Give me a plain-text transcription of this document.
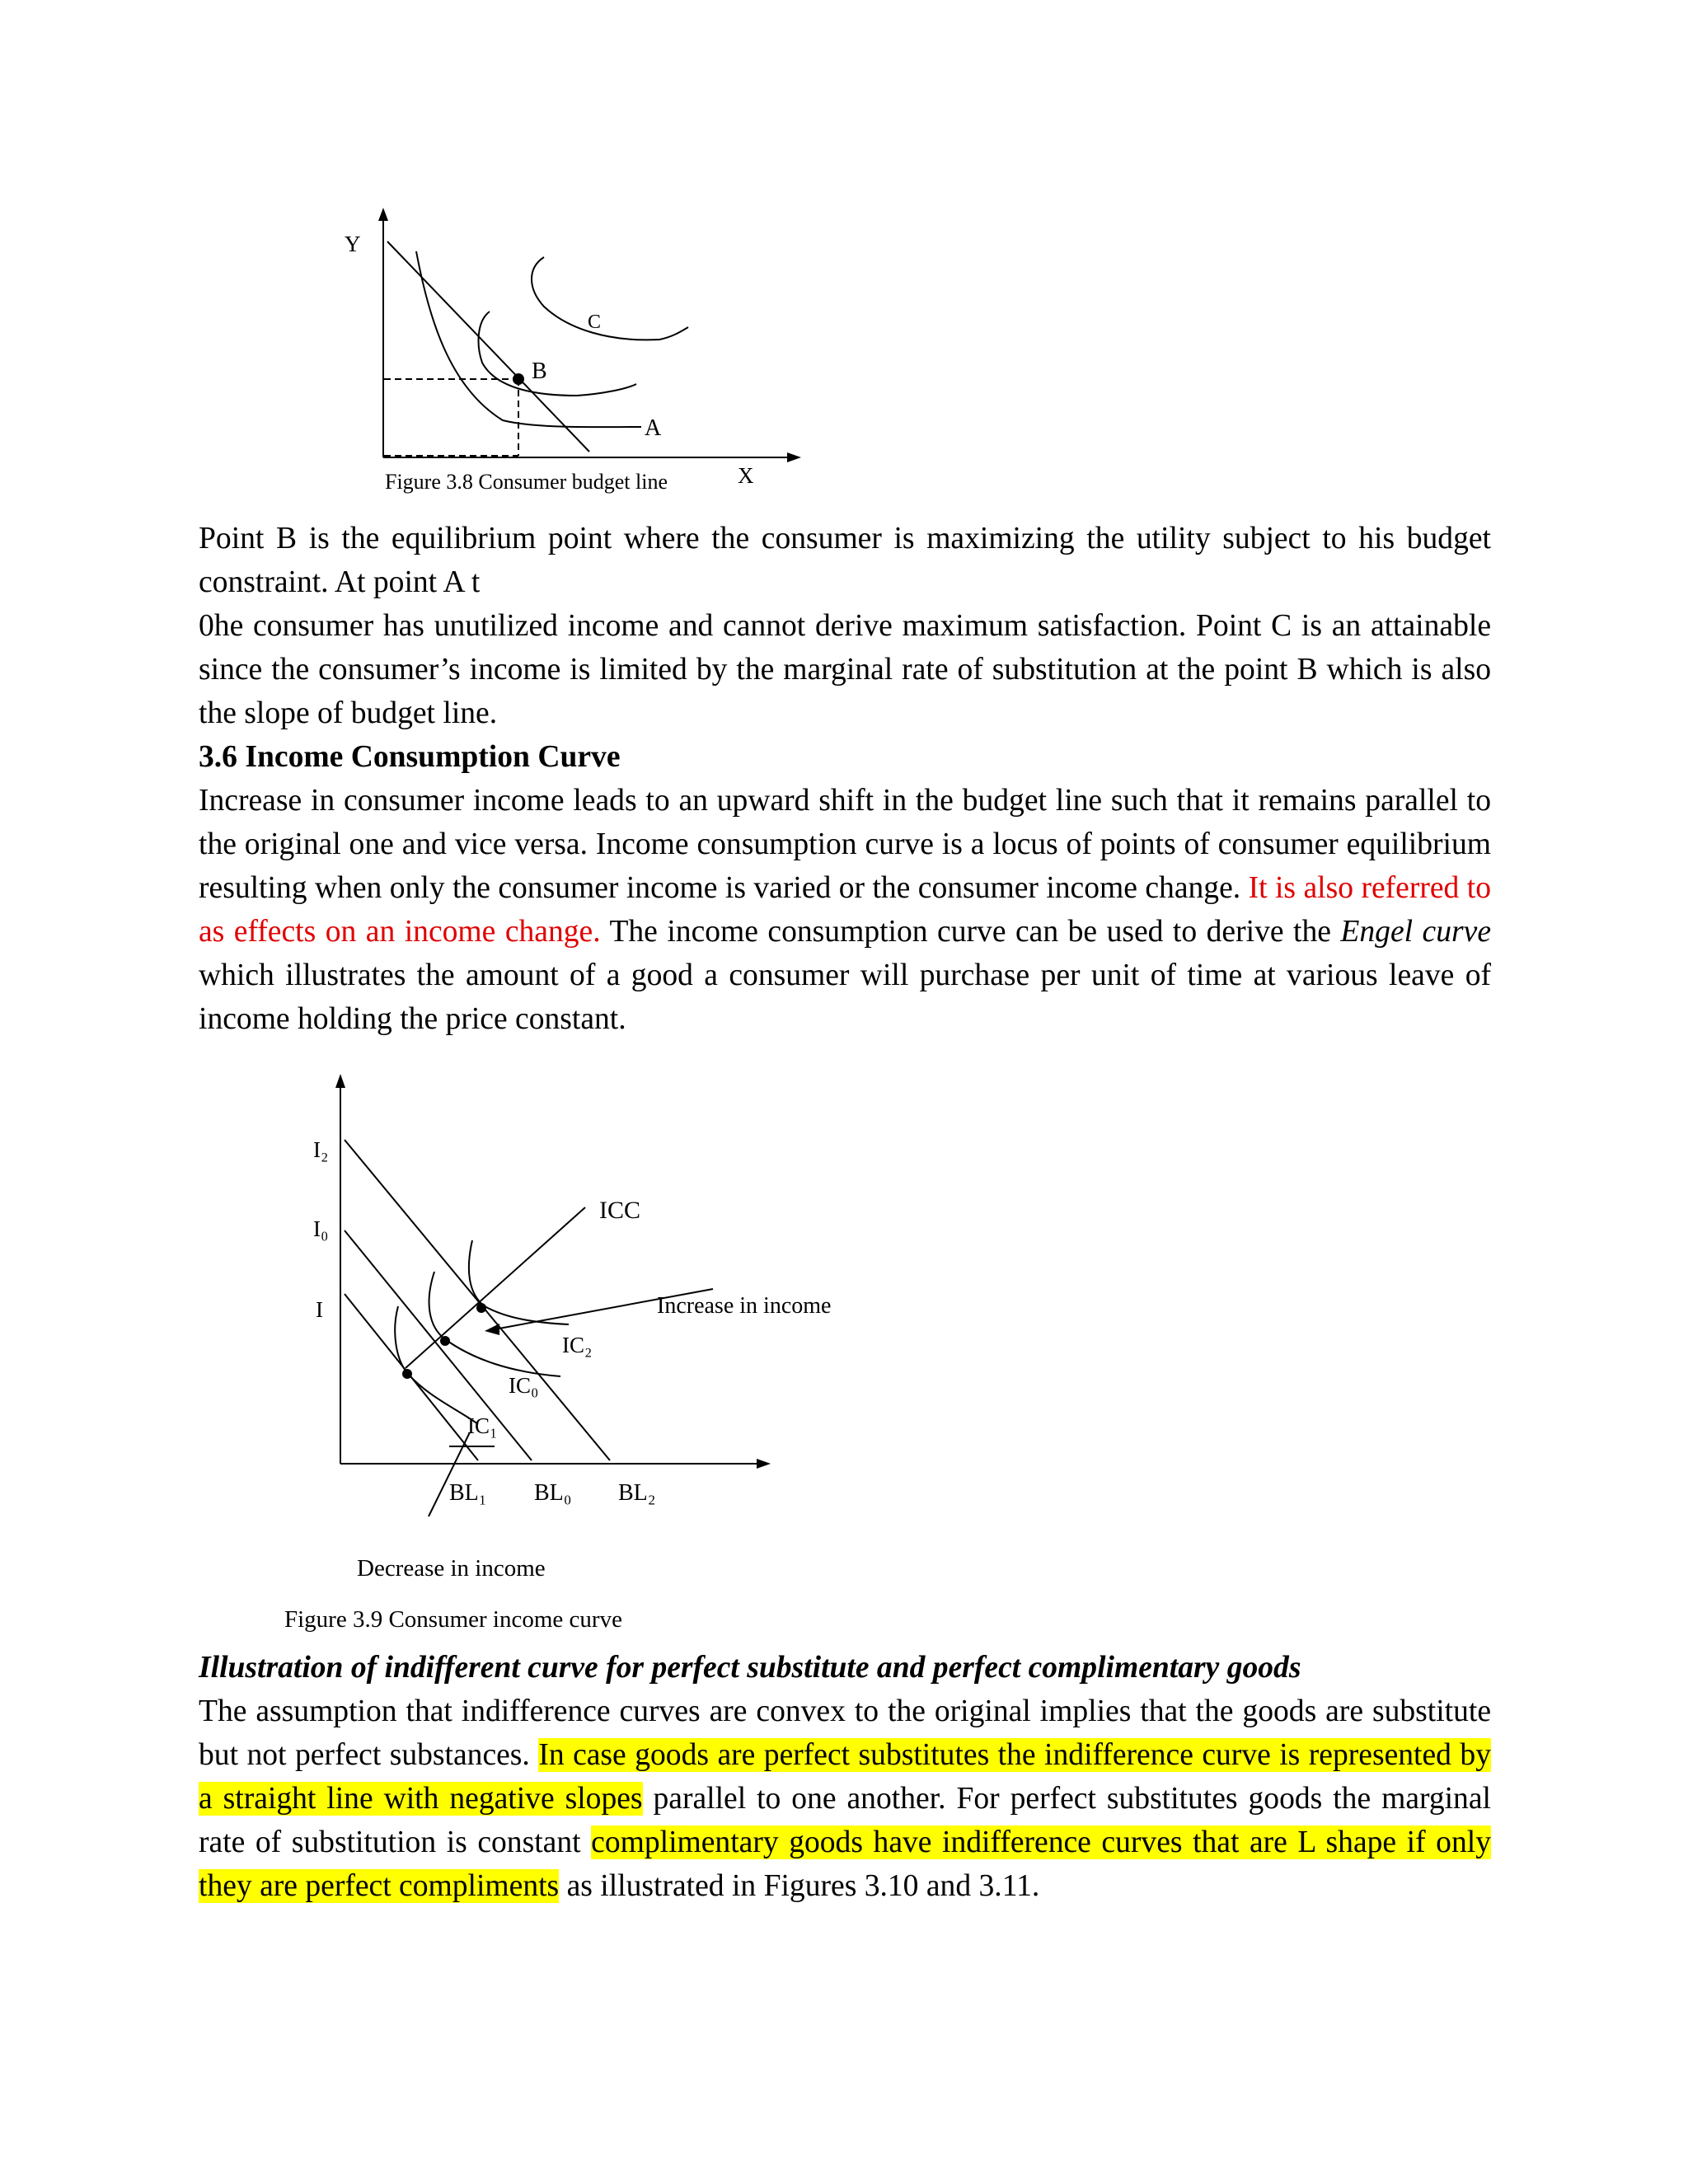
Y
C
B
A
Figure 3.8 Consumer budget line	X

Point B is the equilibrium point where the consumer is maximizing the utility subject to his budget
constraint. At point A t
0he consumer has unutilized income and cannot derive maximum satisfaction. Point C is an attainable since the consumer’s income is limited by the marginal rate of substitution at the point B which is also the slope of budget line.

3.6 Income Consumption Curve

Increase in consumer income leads to an upward shift in the budget line such that it remains parallel to the original one and vice versa. Income consumption curve is a locus of points of consumer equilibrium resulting when only the consumer income is varied or the consumer income change. It is also referred to as effects on an income change. The income consumption curve can be used to derive the Engel curve which illustrates the amount of a good a consumer will purchase per unit of time at various leave of income holding the price constant.

I₂
I₀
I
ICC
Increase in income
IC₂
IC₀
IC₁
BL₁ BL₀ BL₂
Decrease in income
Figure 3.9 Consumer income curve

Illustration of indifferent curve for perfect substitute and perfect complimentary goods

The assumption that indifference curves are convex to the original implies that the goods are substitute but not perfect substances. In case goods are perfect substitutes the indifference curve is represented by a straight line with negative slopes parallel to one another. For perfect substitutes goods the marginal rate of substitution is constant complimentary goods have indifference curves that are L shape if only they are perfect compliments as illustrated in Figures 3.10 and 3.11.
